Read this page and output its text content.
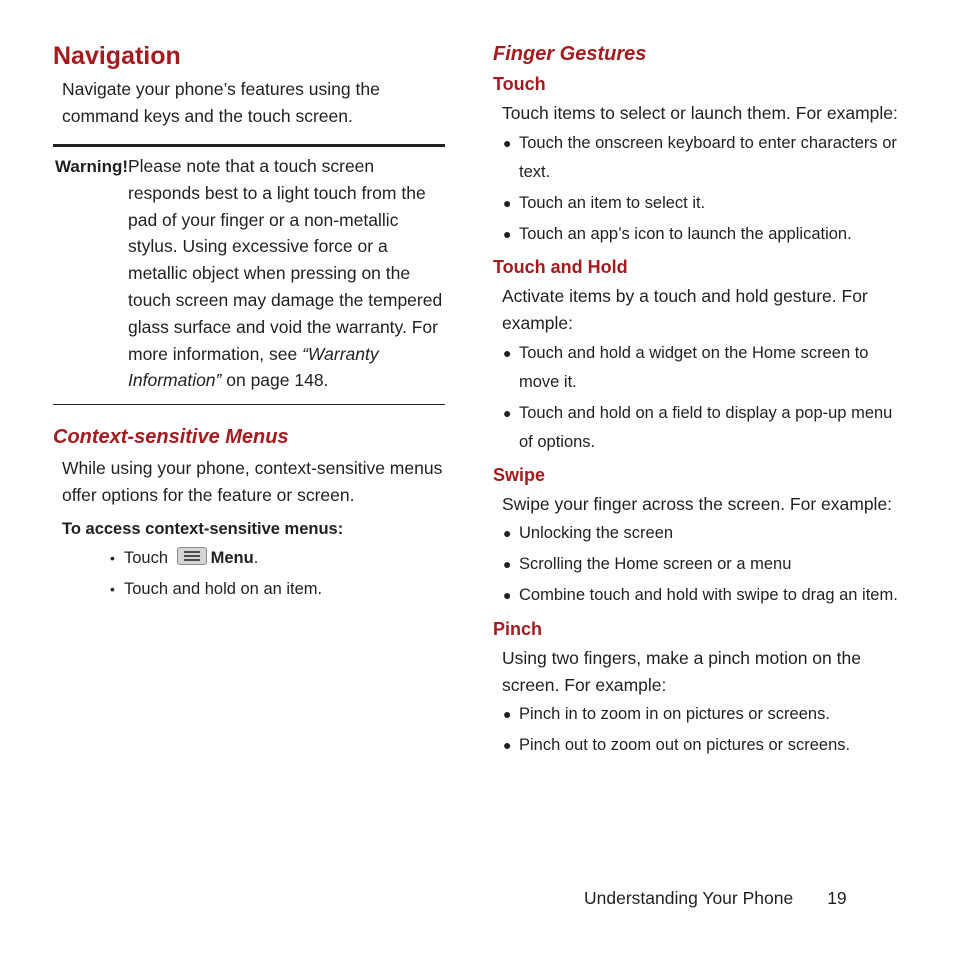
Navigation

Navigate your phone’s features using the command keys and the touch screen.

Warning! Please note that a touch screen responds best to a light touch from the pad of your finger or a non-metallic stylus. Using excessive force or a metallic object when pressing on the touch screen may damage the tempered glass surface and void the warranty. For more information, see “Warranty Information” on page 148.
Context-sensitive Menus

While using your phone, context-sensitive menus offer options for the feature or screen.

To access context-sensitive menus:
• Touch	Menu.
• Touch and hold on an item.
Finger Gestures
Touch

Touch items to select or launch them. For example:

● Touch the onscreen keyboard to enter characters or text.
● Touch an item to select it.
● Touch an app’s icon to launch the application.
Touch and Hold

Activate items by a touch and hold gesture. For example:

● Touch and hold a widget on the Home screen to move it.
● Touch and hold on a field to display a pop-up menu of options.
Swipe

Swipe your finger across the screen. For example:

● Unlocking the screen
● Scrolling the Home screen or a menu
● Combine touch and hold with swipe to drag an item.
Pinch

Using two fingers, make a pinch motion on the screen. For example:

● Pinch in to zoom in on pictures or screens.
● Pinch out to zoom out on pictures or screens.
Understanding Your Phone 19
